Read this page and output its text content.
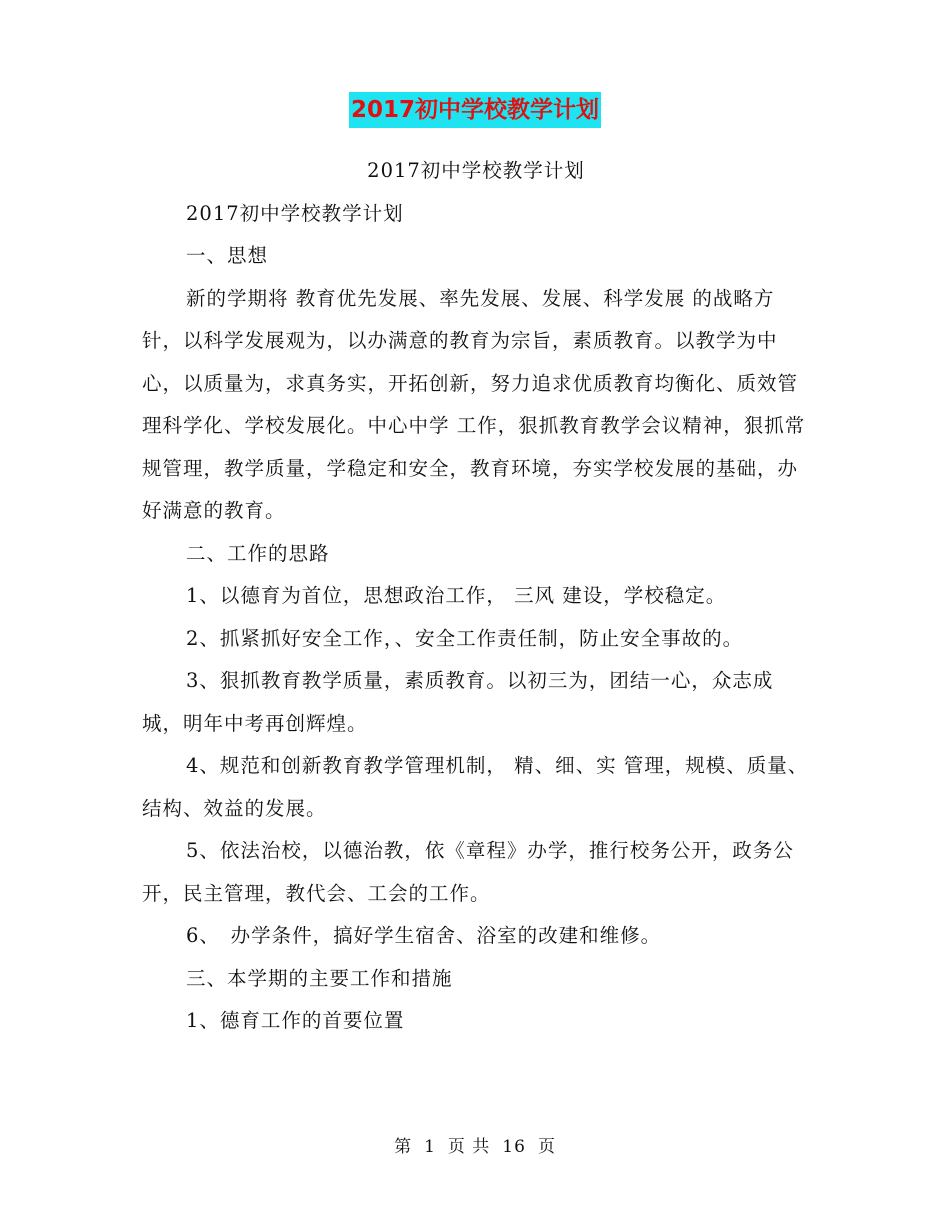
2017初中学校教学计划

2017初中学校教学计划

2017初中学校教学计划

一、思想

新的学期将 教育优先发展、率先发展、发展、科学发展 的战略方针，以科学发展观为，以办满意的教育为宗旨，素质教育。以教学为中心，以质量为，求真务实，开拓创新，努力追求优质教育均衡化、质效管理科学化、学校发展化。中心中学 工作，狠抓教育教学会议精神，狠抓常规管理，教学质量，学稳定和安全，教育环境，夯实学校发展的基础，办好满意的教育。

二、工作的思路

1、以德育为首位，思想政治工作， 三风 建设，学校稳定。

2、抓紧抓好安全工作，、安全工作责任制，防止安全事故的。

3、狠抓教育教学质量，素质教育。以初三为，团结一心，众志成城，明年中考再创辉煌。

4、规范和创新教育教学管理机制， 精、细、实 管理，规模、质量、结构、效益的发展。

5、依法治校，以德治教，依《章程》办学，推行校务公开，政务公开，民主管理，教代会、工会的工作。

6、　办学条件，搞好学生宿舍、浴室的改建和维修。

三、本学期的主要工作和措施

1、德育工作的首要位置

第 1 页 共 16 页
